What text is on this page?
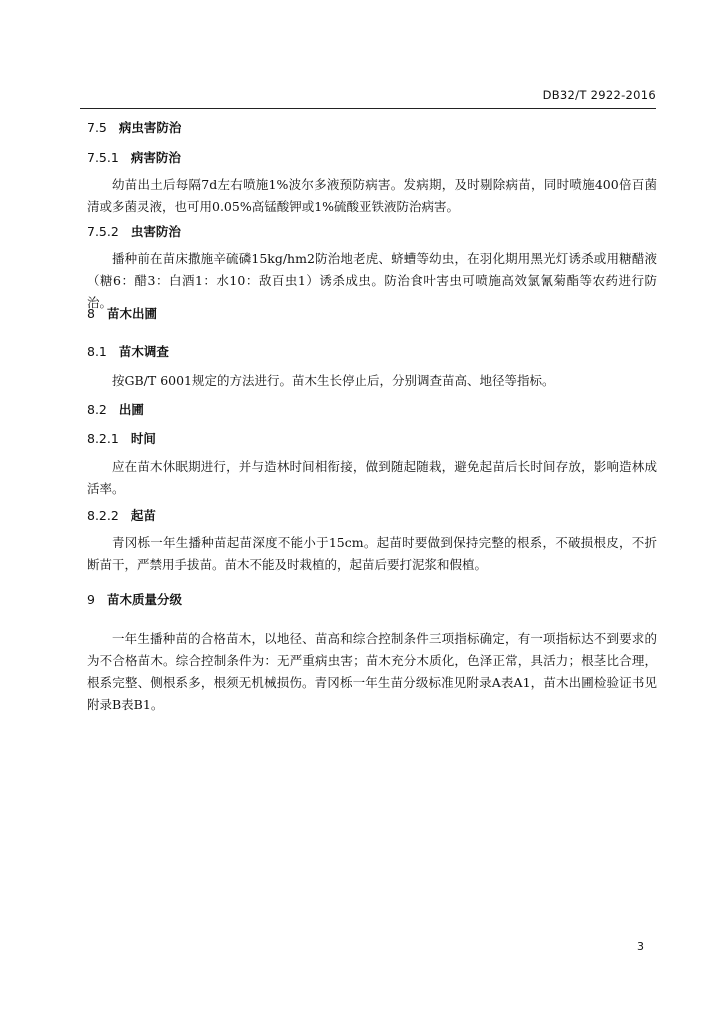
DB32/T 2922-2016
7.5 病虫害防治
7.5.1 病害防治

幼苗出土后每隔7d左右喷施1%波尔多液预防病害。发病期，及时剔除病苗，同时喷施400倍百菌清或多菌灵液，也可用0.05%高锰酸钾或1%硫酸亚铁液防治病害。

7.5.2 虫害防治

播种前在苗床撒施辛硫磷15kg/hm2防治地老虎、蛴螬等幼虫，在羽化期用黑光灯诱杀或用糖醋液（糖6：醋3：白酒1：水10：敌百虫1）诱杀成虫。防治食叶害虫可喷施高效氯氰菊酯等农药进行防治。

8 苗木出圃
8.1 苗木调查

按GB/T 6001规定的方法进行。苗木生长停止后，分别调查苗高、地径等指标。

8.2 出圃
8.2.1 时间

应在苗木休眠期进行，并与造林时间相衔接，做到随起随栽，避免起苗后长时间存放，影响造林成活率。

8.2.2 起苗

青冈栎一年生播种苗起苗深度不能小于15cm。起苗时要做到保持完整的根系，不破损根皮，不折断苗干，严禁用手拔苗。苗木不能及时栽植的，起苗后要打泥浆和假植。

9 苗木质量分级

一年生播种苗的合格苗木，以地径、苗高和综合控制条件三项指标确定，有一项指标达不到要求的为不合格苗木。综合控制条件为：无严重病虫害；苗木充分木质化，色泽正常，具活力；根茎比合理，根系完整、侧根系多，根须无机械损伤。青冈栎一年生苗分级标准见附录A表A1，苗木出圃检验证书见附录B表B1。

3
